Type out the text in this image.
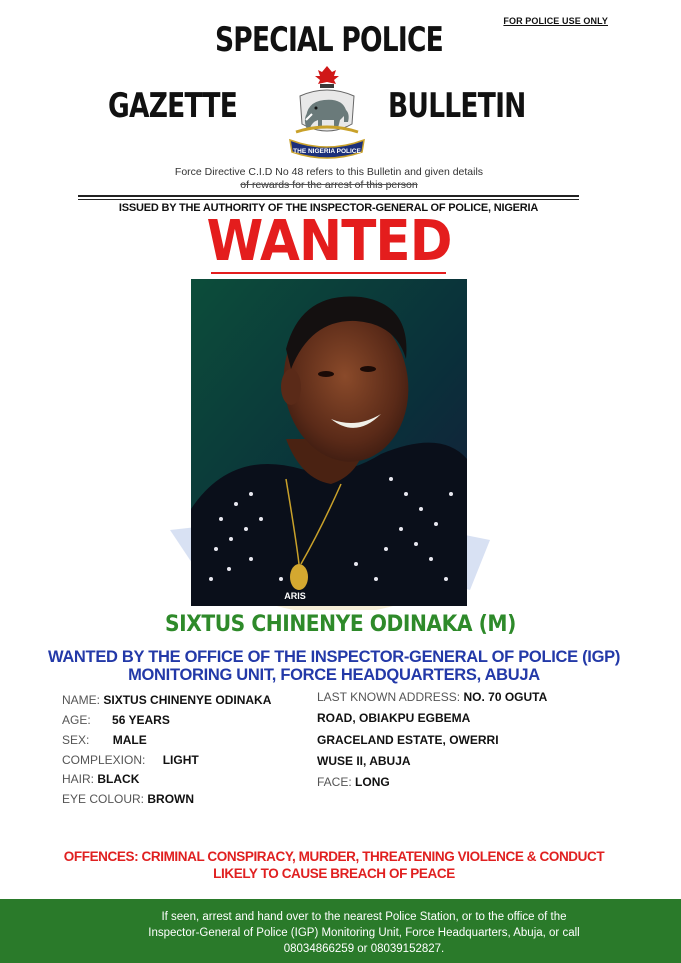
FOR POLICE USE ONLY
SPECIAL POLICE
GAZETTE	BULLETIN
THE NIGERIA POLICE
Force Directive C.I.D No 48 refers to this Bulletin and given details
of rewards for the arrest of this person
ISSUED BY THE AUTHORITY OF THE INSPECTOR-GENERAL OF POLICE, NIGERIA
WANTED
ARIS
SIXTUS CHINENYE ODINAKA (M)
WANTED BY THE OFFICE OF THE INSPECTOR-GENERAL OF POLICE (IGP)
MONITORING UNIT, FORCE HEADQUARTERS, ABUJA
NAME: SIXTUS CHINENYE ODINAKA
AGE: 56 YEARS
SEX: MALE
COMPLEXION: LIGHT
HAIR: BLACK
EYE COLOUR: BROWN
LAST KNOWN ADDRESS: NO. 70 OGUTA
ROAD, OBIAKPU EGBEMA
GRACELAND ESTATE, OWERRI
WUSE II, ABUJA
FACE: LONG
OFFENCES: CRIMINAL CONSPIRACY, MURDER, THREATENING VIOLENCE & CONDUCT
LIKELY TO CAUSE BREACH OF PEACE
If seen, arrest and hand over to the nearest Police Station, or to the office of the
Inspector-General of Police (IGP) Monitoring Unit, Force Headquarters, Abuja, or call
08034866259 or 08039152827.
